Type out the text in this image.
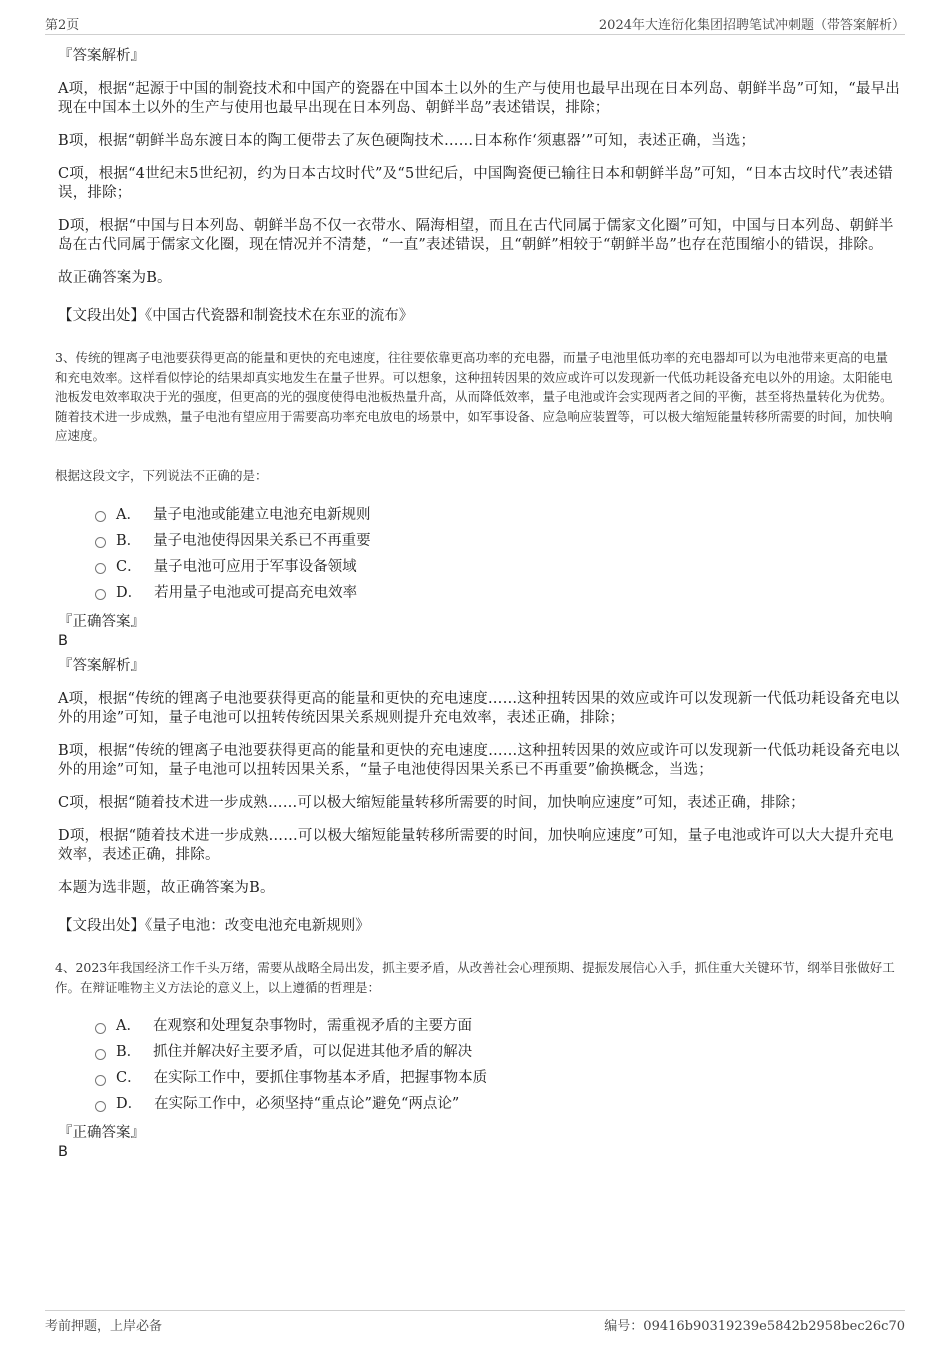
第2页	2024年大连衍化集团招聘笔试冲刺题（带答案解析）
『答案解析』
A项，根据“起源于中国的制瓷技术和中国产的瓷器在中国本土以外的生产与使用也最早出现在日本列岛、朝鲜半岛”可知，“最早出现在中国本土以外的生产与使用也最早出现在日本列岛、朝鲜半岛”表述错误，排除；
B项，根据“朝鲜半岛东渡日本的陶工便带去了灰色硬陶技术……日本称作‘须惠器’”可知，表述正确，当选；
C项，根据“4世纪末5世纪初，约为日本古坟时代”及“5世纪后，中国陶瓷便已输往日本和朝鲜半岛”可知，“日本古坟时代”表述错误，排除；
D项，根据“中国与日本列岛、朝鲜半岛不仅一衣带水、隔海相望，而且在古代同属于儒家文化圈”可知，中国与日本列岛、朝鲜半岛在古代同属于儒家文化圈，现在情况并不清楚，“一直”表述错误，且“朝鲜”相较于“朝鲜半岛”也存在范围缩小的错误，排除。
故正确答案为B。
【文段出处】《中国古代瓷器和制瓷技术在东亚的流布》
3、传统的锂离子电池要获得更高的能量和更快的充电速度，往往要依靠更高功率的充电器，而量子电池里低功率的充电器却可以为电池带来更高的电量和充电效率。这样看似悖论的结果却真实地发生在量子世界。可以想象，这种扭转因果的效应或许可以发现新一代低功耗设备充电以外的用途。太阳能电池板发电效率取决于光的强度，但更高的光的强度使得电池板热量升高，从而降低效率，量子电池或许会实现两者之间的平衡，甚至将热量转化为优势。随着技术进一步成熟，量子电池有望应用于需要高功率充电放电的场景中，如军事设备、应急响应装置等，可以极大缩短能量转移所需要的时间，加快响应速度。
根据这段文字，下列说法不正确的是：
A． 量子电池或能建立电池充电新规则
B． 量子电池使得因果关系已不再重要
C． 量子电池可应用于军事设备领域
D． 若用量子电池或可提高充电效率
『正确答案』
B
『答案解析』
A项，根据“传统的锂离子电池要获得更高的能量和更快的充电速度……这种扭转因果的效应或许可以发现新一代低功耗设备充电以外的用途”可知，量子电池可以扭转传统因果关系规则提升充电效率，表述正确，排除；
B项，根据“传统的锂离子电池要获得更高的能量和更快的充电速度……这种扭转因果的效应或许可以发现新一代低功耗设备充电以外的用途”可知，量子电池可以扭转因果关系，“量子电池使得因果关系已不再重要”偷换概念，当选；
C项，根据“随着技术进一步成熟……可以极大缩短能量转移所需要的时间，加快响应速度”可知，表述正确，排除；
D项，根据“随着技术进一步成熟……可以极大缩短能量转移所需要的时间，加快响应速度”可知，量子电池或许可以大大提升充电效率，表述正确，排除。
本题为选非题，故正确答案为B。
【文段出处】《量子电池：改变电池充电新规则》
4、2023年我国经济工作千头万绪，需要从战略全局出发，抓主要矛盾，从改善社会心理预期、提振发展信心入手，抓住重大关键环节，纲举目张做好工作。在辩证唯物主义方法论的意义上，以上遵循的哲理是：
A． 在观察和处理复杂事物时，需重视矛盾的主要方面
B． 抓住并解决好主要矛盾，可以促进其他矛盾的解决
C． 在实际工作中，要抓住事物基本矛盾，把握事物本质
D． 在实际工作中，必须坚持“重点论”避免“两点论”
『正确答案』
B
考前押题，上岸必备	编号：09416b90319239e5842b2958bec26c70
